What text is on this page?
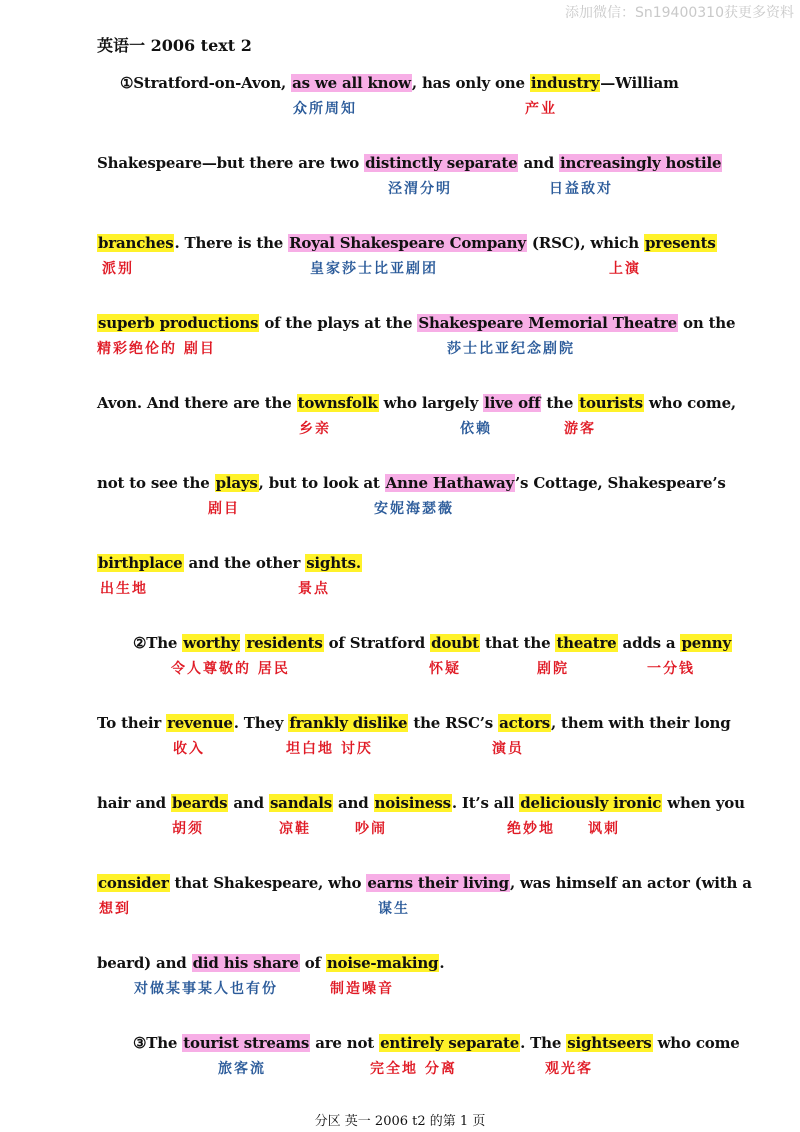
添加微信：Sn19400310获更多资料
英语一 2006 text 2
①Stratford-on-Avon, as we all know, has only one industry—William
众所周知	产业
Shakespeare—but there are two distinctly separate and increasingly hostile
泾渭分明	日益敌对
branches. There is the Royal Shakespeare Company (RSC), which presents
派别	皇家莎士比亚剧团	上演
superb productions of the plays at the Shakespeare Memorial Theatre on the
精彩绝伦的 剧目	莎士比亚纪念剧院
Avon. And there are the townsfolk who largely live off the tourists who come,
乡亲	依赖	游客
not to see the plays, but to look at Anne Hathaway’s Cottage, Shakespeare’s
剧目	安妮海瑟薇
birthplace and the other sights.
出生地	景点
②The worthy residents of Stratford doubt that the theatre adds a penny
令人尊敬的 居民	怀疑	剧院	一分钱
To their revenue. They frankly dislike the RSC’s actors, them with their long
收入	坦白地 讨厌	演员
hair and beards and sandals and noisiness. It’s all deliciously ironic when you
胡须	凉鞋	吵闹	绝妙地 讽刺
consider that Shakespeare, who earns their living, was himself an actor (with a
想到	谋生
beard) and did his share of noise-making.
对做某事某人也有份	制造噪音
③The tourist streams are not entirely separate. The sightseers who come
旅客流	完全地 分离	观光客
分区 英一 2006 t2 的第 1 页
